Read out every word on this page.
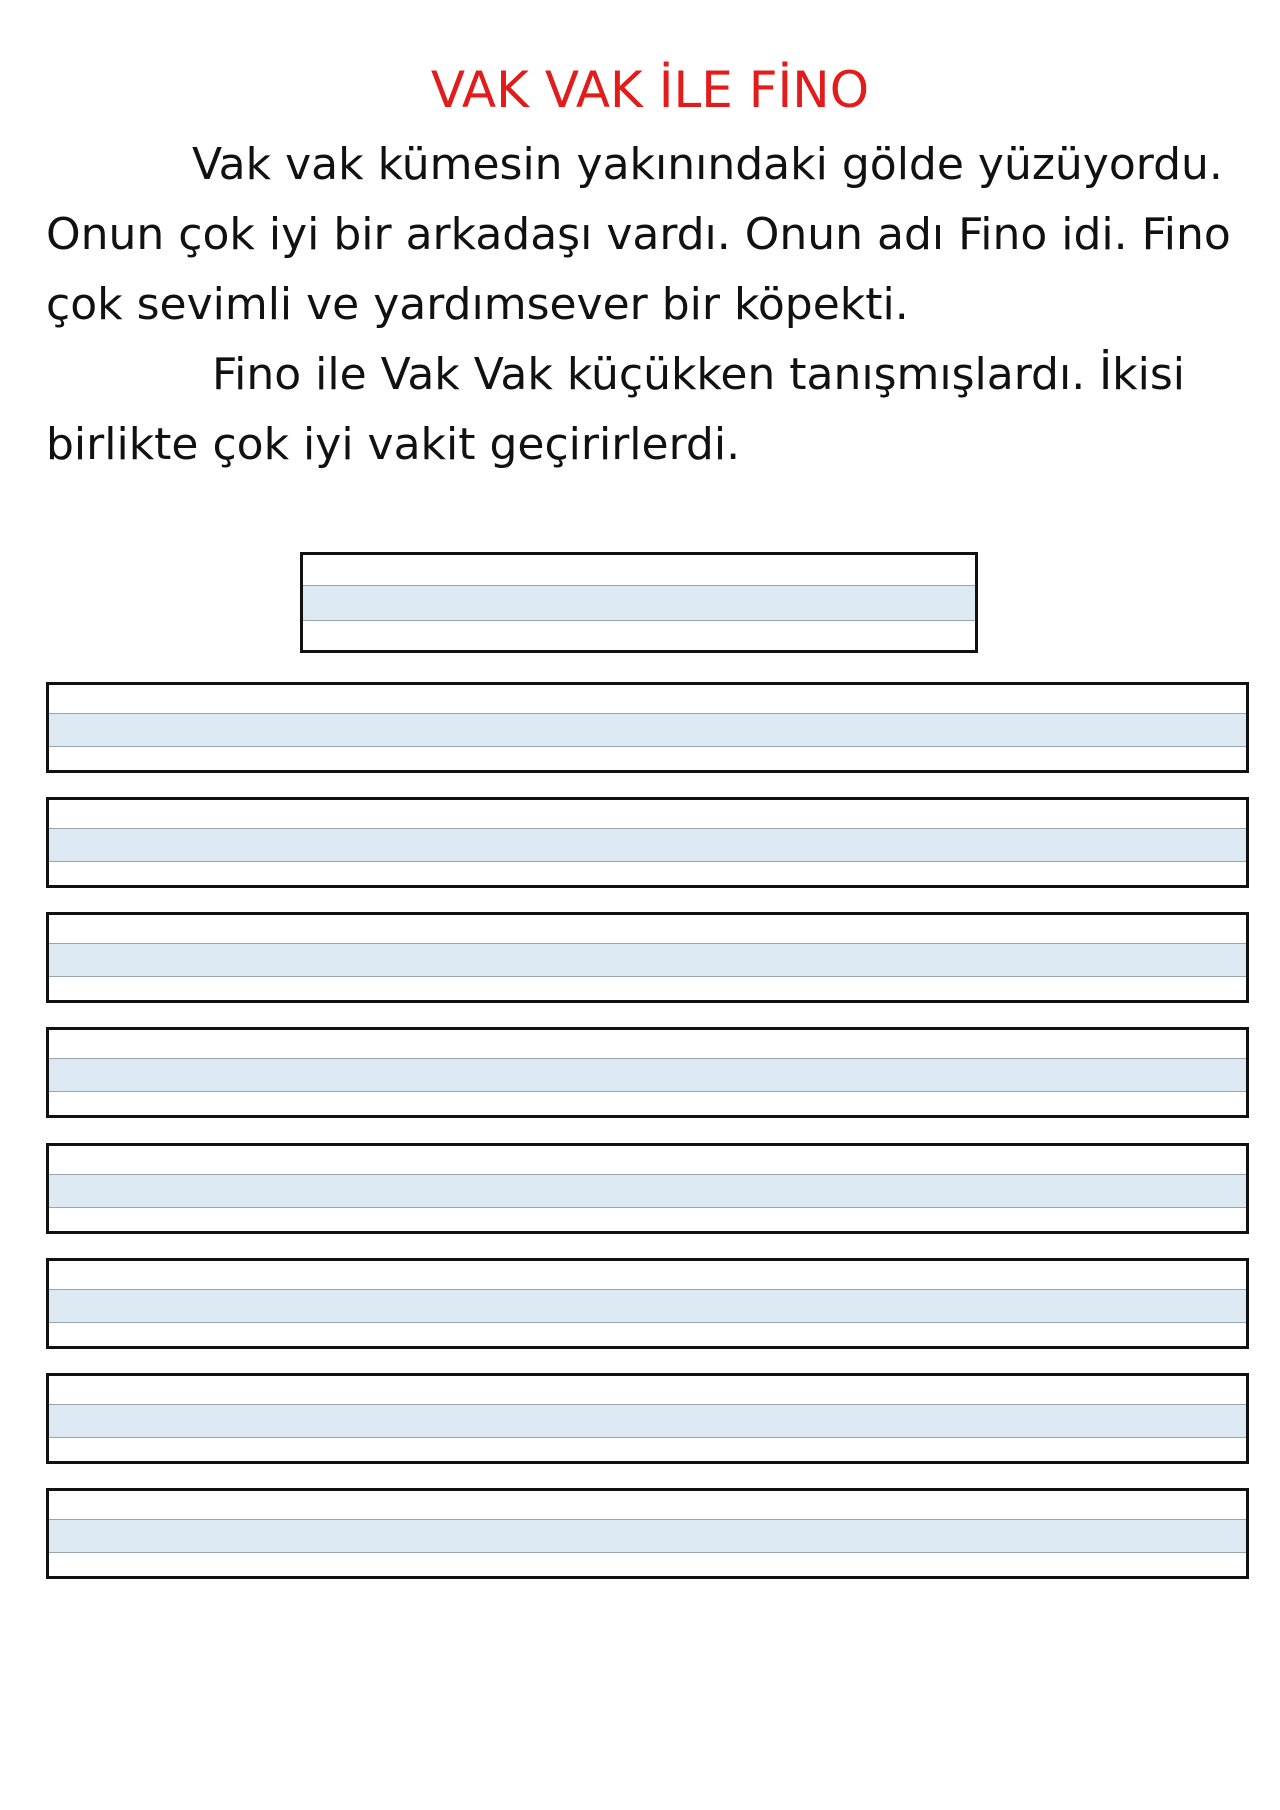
VAK VAK İLE FİNO
Vak vak kümesin yakınındaki gölde yüzüyordu.
Onun çok iyi bir arkadaşı vardı. Onun adı Fino idi. Fino
çok sevimli ve yardımsever bir köpekti.
Fino ile Vak Vak küçükken tanışmışlardı. İkisi
birlikte çok iyi vakit geçirirlerdi.
